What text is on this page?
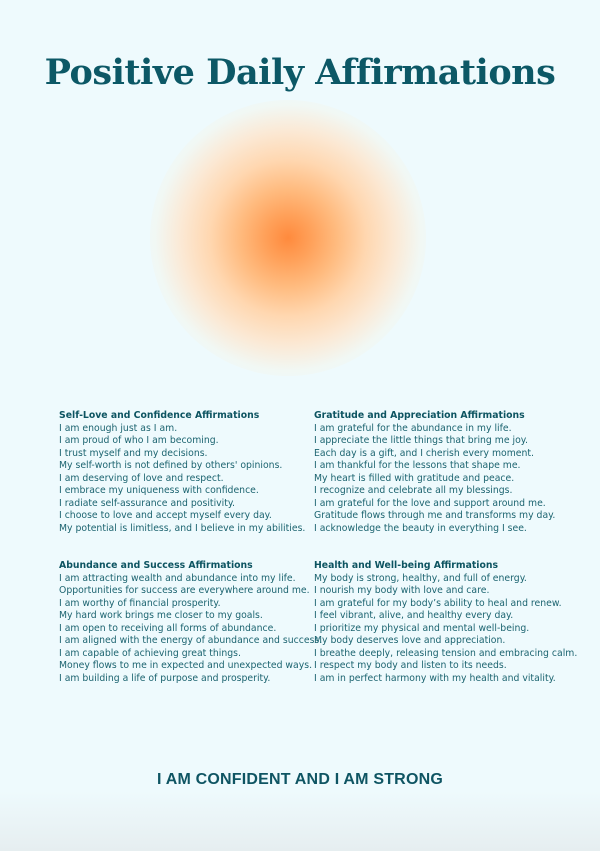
Positive Daily Affirmations
Self-Love and Confidence Affirmations
I am enough just as I am.
I am proud of who I am becoming.
I trust myself and my decisions.
My self-worth is not defined by others' opinions.
I am deserving of love and respect.
I embrace my uniqueness with confidence.
I radiate self-assurance and positivity.
I choose to love and accept myself every day.
My potential is limitless, and I believe in my abilities.
Gratitude and Appreciation Affirmations
I am grateful for the abundance in my life.
I appreciate the little things that bring me joy.
Each day is a gift, and I cherish every moment.
I am thankful for the lessons that shape me.
My heart is filled with gratitude and peace.
I recognize and celebrate all my blessings.
I am grateful for the love and support around me.
Gratitude flows through me and transforms my day.
I acknowledge the beauty in everything I see.
Abundance and Success Affirmations
I am attracting wealth and abundance into my life.
Opportunities for success are everywhere around me.
I am worthy of financial prosperity.
My hard work brings me closer to my goals.
I am open to receiving all forms of abundance.
I am aligned with the energy of abundance and success.
I am capable of achieving great things.
Money flows to me in expected and unexpected ways.
I am building a life of purpose and prosperity.
Health and Well-being Affirmations
My body is strong, healthy, and full of energy.
I nourish my body with love and care.
I am grateful for my body’s ability to heal and renew.
I feel vibrant, alive, and healthy every day.
I prioritize my physical and mental well-being.
My body deserves love and appreciation.
I breathe deeply, releasing tension and embracing calm.
I respect my body and listen to its needs.
I am in perfect harmony with my health and vitality.
I AM CONFIDENT AND I AM STRONG
